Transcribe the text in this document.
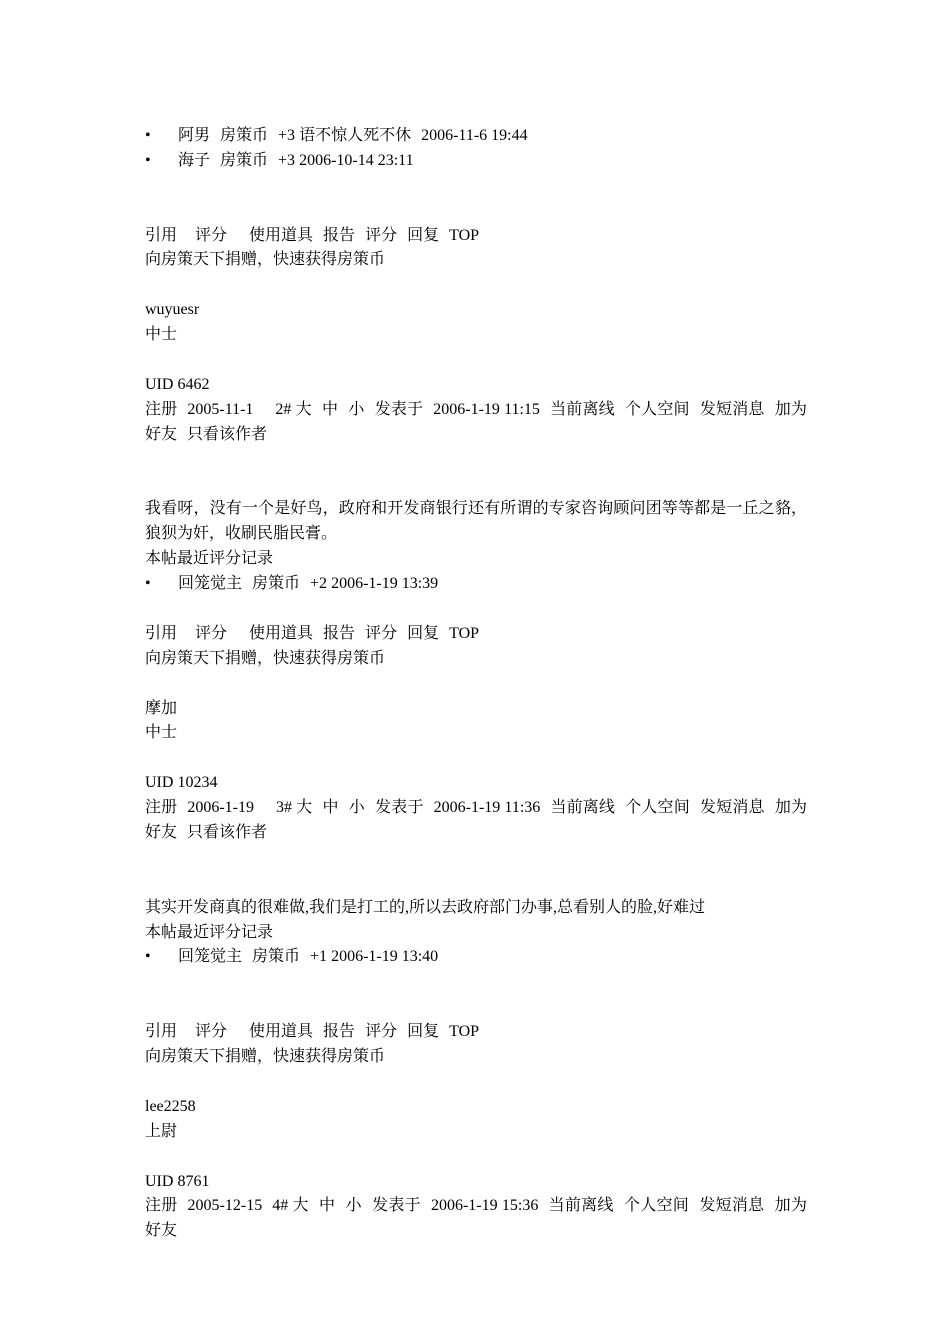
•	阿男 房策币 +3 语不惊人死不休 2006-11-6 19:44
•	海子 房策币 +3 2006-10-14 23:11
引用 评分 使用道具 报告 评分 回复 TOP
向房策天下捐赠，快速获得房策币
wuyuesr
中士
UID 6462
注册 2005-11-1 2# 大 中 小 发表于 2006-1-19 11:15 当前离线 个人空间 发短消息 加为好友 只看该作者
我看呀，没有一个是好鸟，政府和开发商银行还有所谓的专家咨询顾问团等等都是一丘之貉，狼狈为奸，收刷民脂民膏。
本帖最近评分记录
•	回笼觉主 房策币 +2 2006-1-19 13:39
引用 评分 使用道具 报告 评分 回复 TOP
向房策天下捐赠，快速获得房策币
摩加
中士
UID 10234
注册 2006-1-19 3# 大 中 小 发表于 2006-1-19 11:36 当前离线 个人空间 发短消息 加为好友 只看该作者
其实开发商真的很难做,我们是打工的,所以去政府部门办事,总看别人的脸,好难过
本帖最近评分记录
•	回笼觉主 房策币 +1 2006-1-19 13:40
引用 评分 使用道具 报告 评分 回复 TOP
向房策天下捐赠，快速获得房策币
lee2258
上尉
UID 8761
注册 2005-12-15 4# 大 中 小 发表于 2006-1-19 15:36 当前离线 个人空间 发短消息 加为好友
